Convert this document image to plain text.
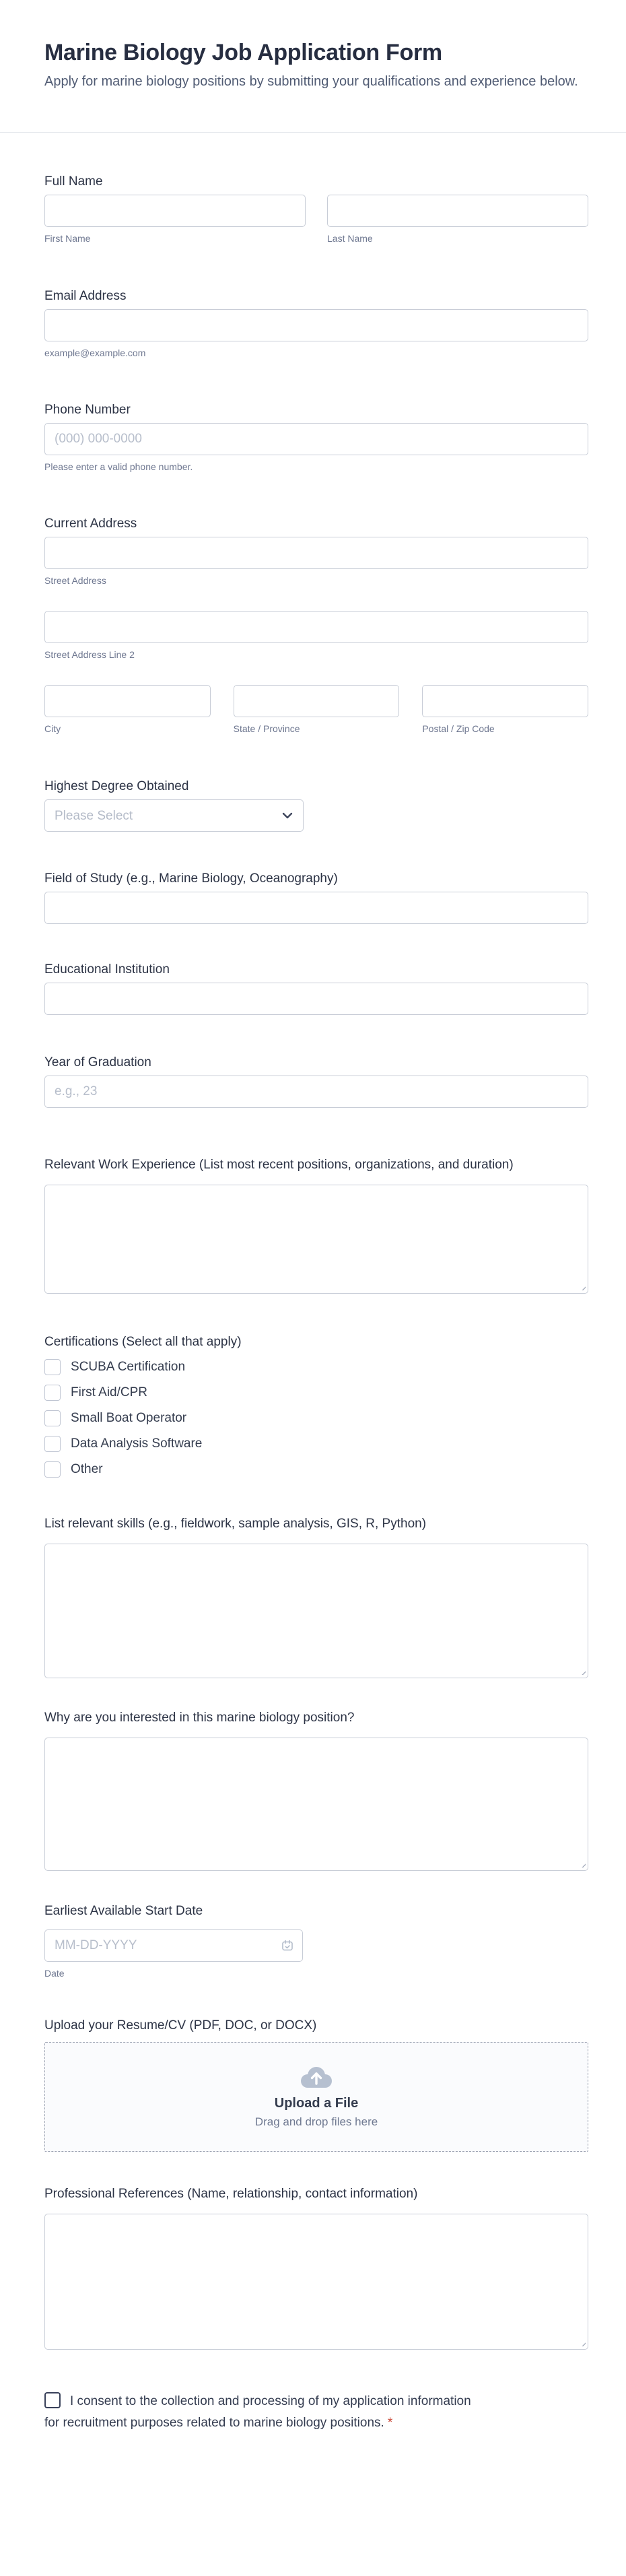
Marine Biology Job Application Form
Apply for marine biology positions by submitting your qualifications and experience below.
Full Name
First Name	Last Name
Email Address
example@example.com
Phone Number
(000) 000-0000
Please enter a valid phone number.
Current Address
Street Address
Street Address Line 2
City	State / Province	Postal / Zip Code
Highest Degree Obtained
Please Select
Field of Study (e.g., Marine Biology, Oceanography)
Educational Institution
Year of Graduation
e.g., 23
Relevant Work Experience (List most recent positions, organizations, and duration)
Certifications (Select all that apply)
SCUBA Certification
First Aid/CPR
Small Boat Operator
Data Analysis Software
Other
List relevant skills (e.g., fieldwork, sample analysis, GIS, R, Python)
Why are you interested in this marine biology position?
Earliest Available Start Date
MM-DD-YYYY
Date
Upload your Resume/CV (PDF, DOC, or DOCX)
Upload a File
Drag and drop files here
Professional References (Name, relationship, contact information)
I consent to the collection and processing of my application information
for recruitment purposes related to marine biology positions. *
